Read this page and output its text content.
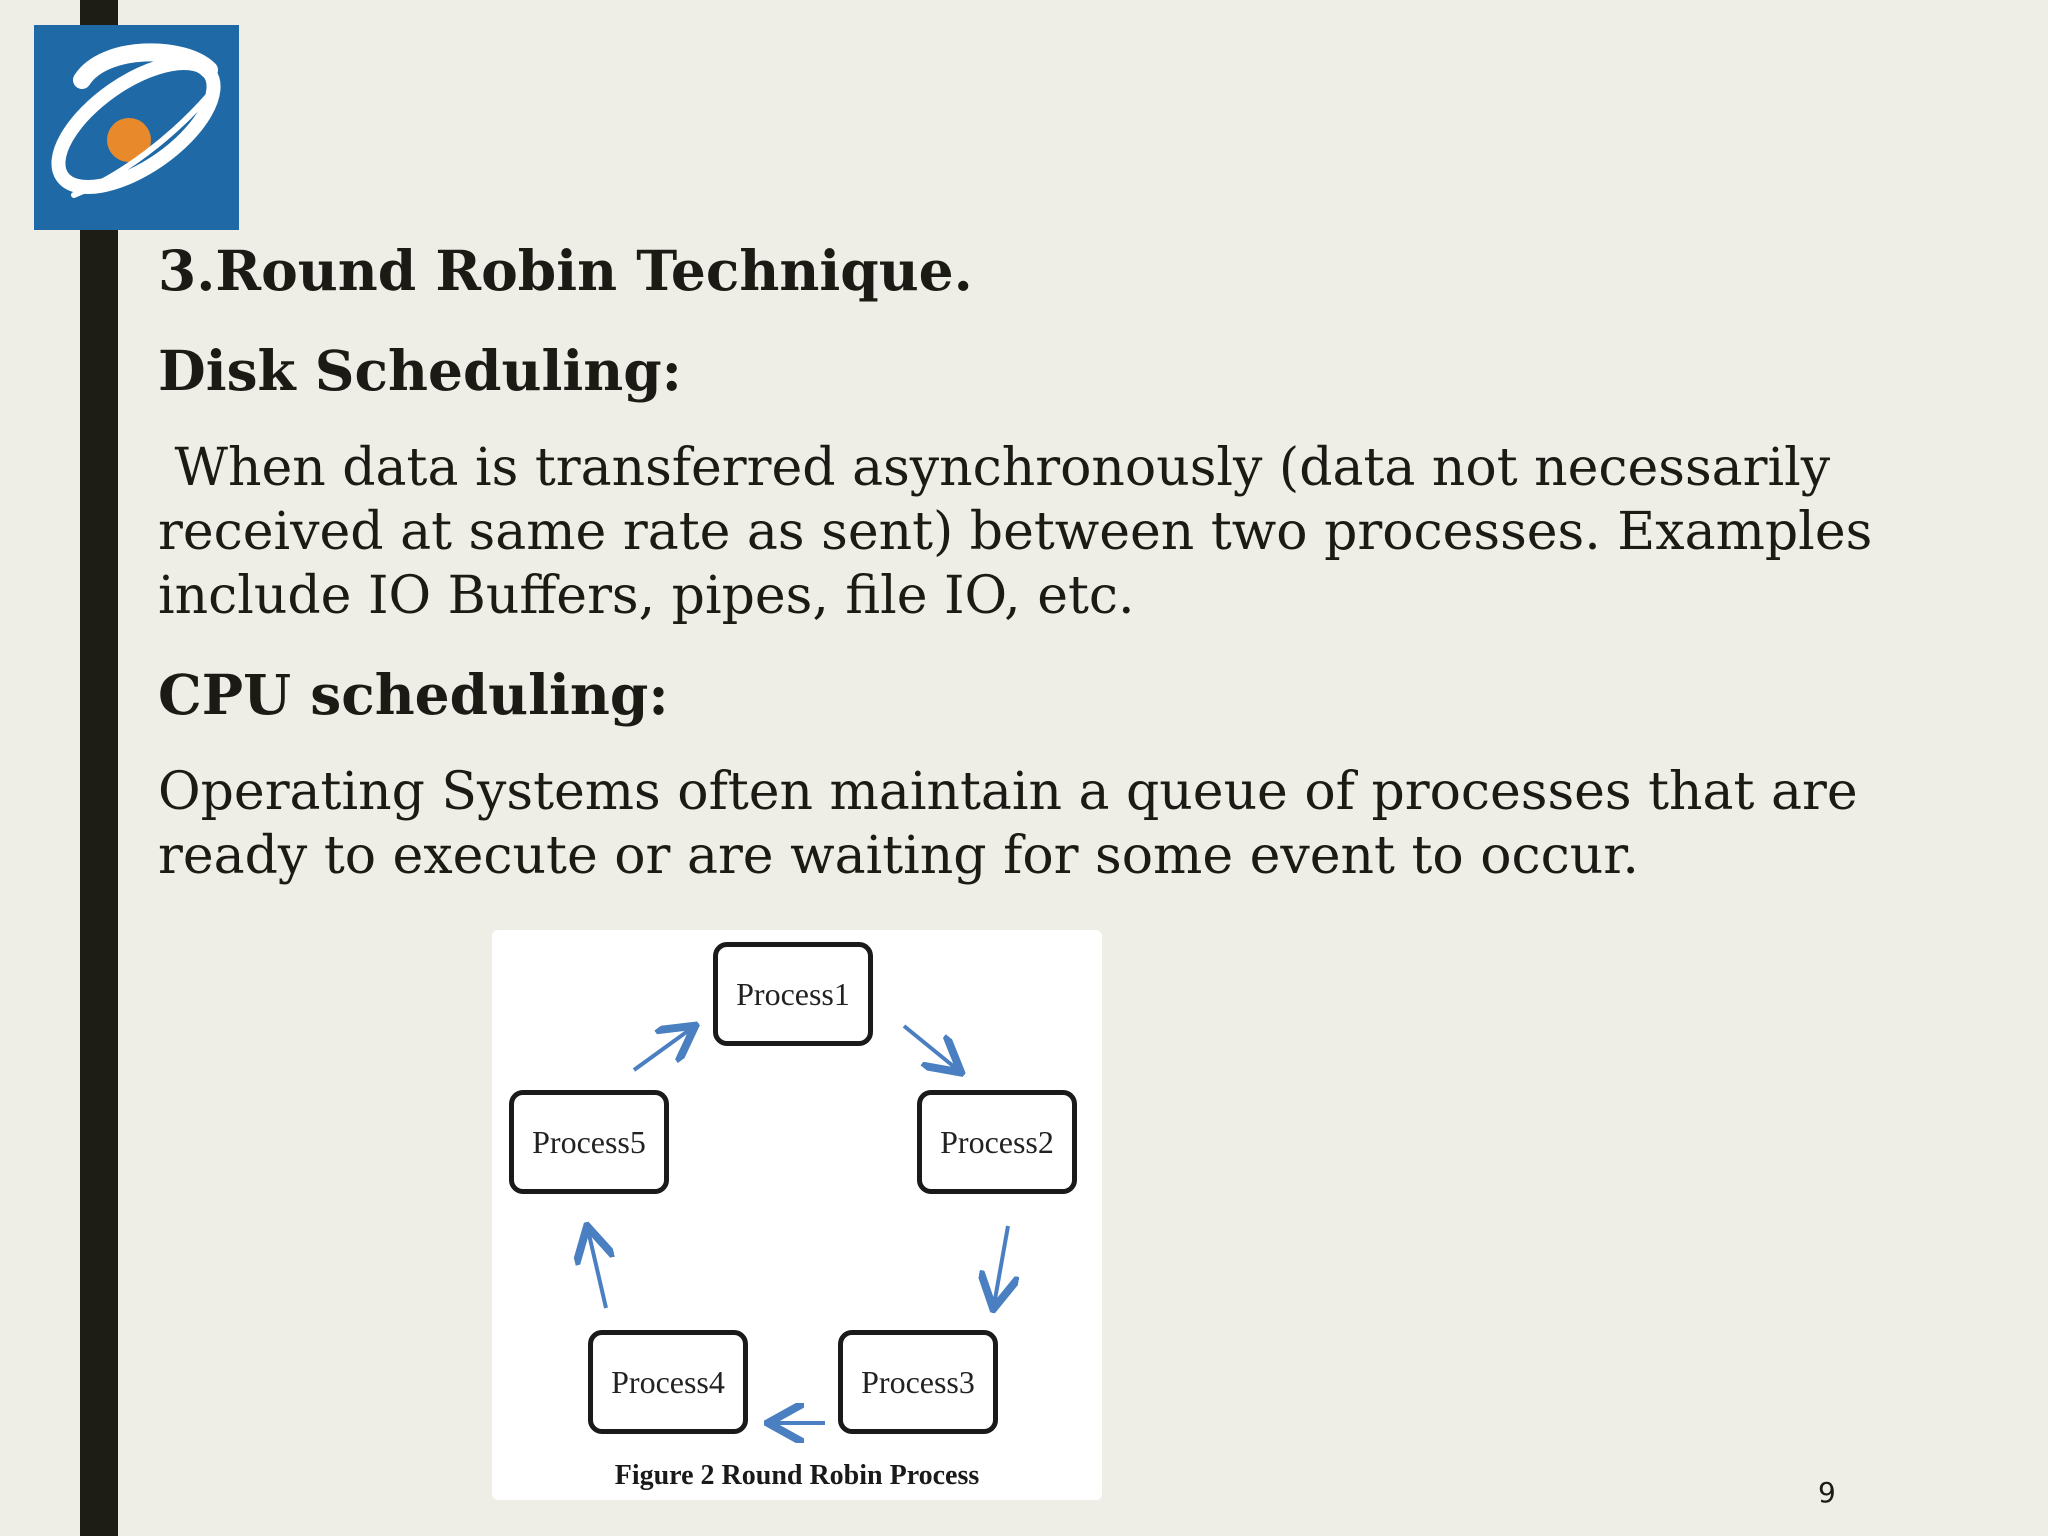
3.Round Robin Technique.
Disk Scheduling:

When data is transferred asynchronously (data not necessarily received at same rate as sent) between two processes. Examples include IO Buffers, pipes, file IO, etc.

CPU scheduling:

Operating Systems often maintain a queue of processes that are ready to execute or are waiting for some event to occur.

Process1
Process2
Process3
Process4
Process5
Figure 2 Round Robin Process
9
